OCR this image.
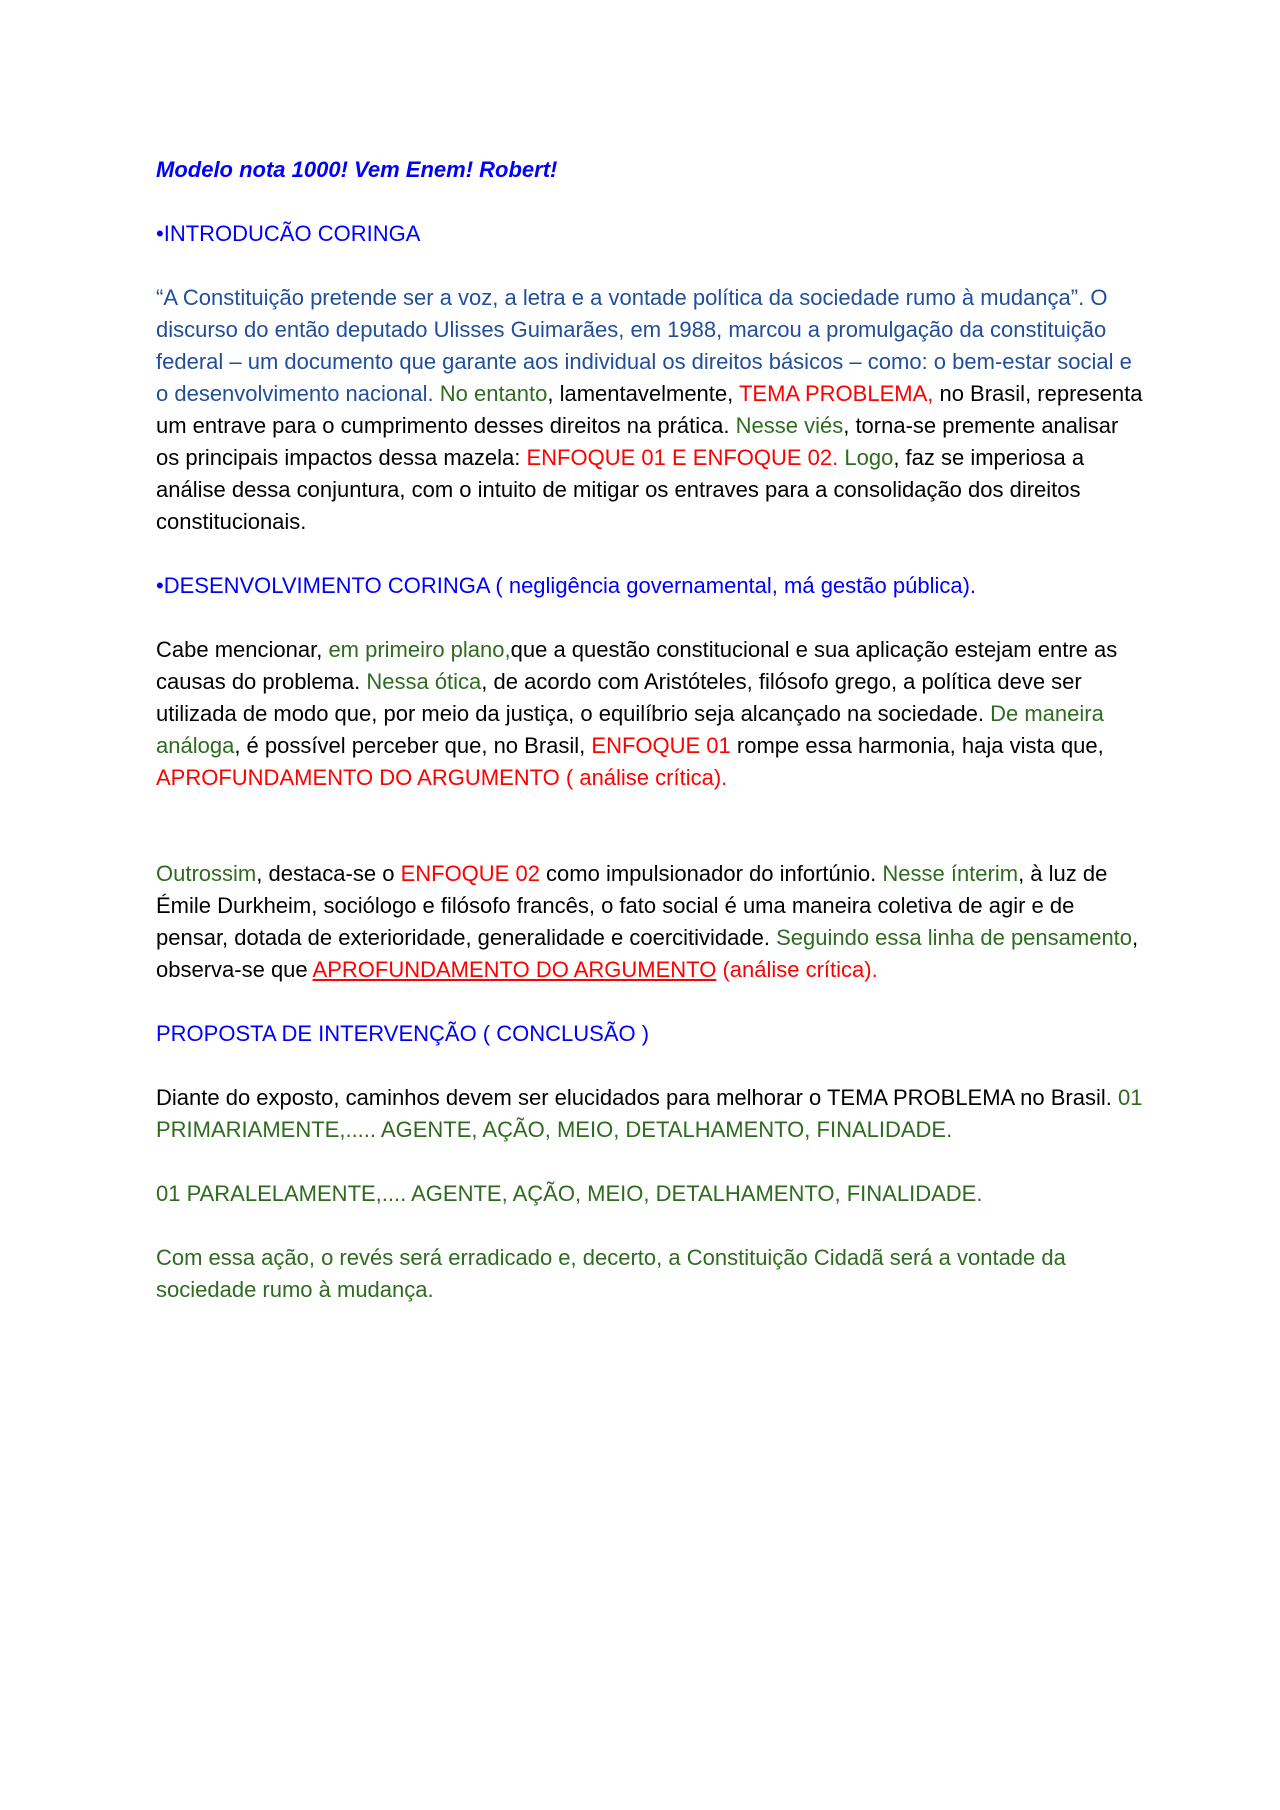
Modelo nota 1000! Vem Enem! Robert!

•INTRODUCÃO CORINGA

“A Constituição pretende ser a voz, a letra e a vontade política da sociedade rumo à mudança”. O discurso do então deputado Ulisses Guimarães, em 1988, marcou a promulgação da constituição federal – um documento que garante aos individual os direitos básicos – como: o bem-estar social e o desenvolvimento nacional. No entanto, lamentavelmente, TEMA PROBLEMA, no Brasil, representa um entrave para o cumprimento desses direitos na prática. Nesse viés, torna-se premente analisar os principais impactos dessa mazela: ENFOQUE 01 E ENFOQUE 02. Logo, faz se imperiosa a análise dessa conjuntura, com o intuito de mitigar os entraves para a consolidação dos direitos constitucionais.

•DESENVOLVIMENTO CORINGA ( negligência governamental, má gestão pública).

Cabe mencionar, em primeiro plano,que a questão constitucional e sua aplicação estejam entre as causas do problema. Nessa ótica, de acordo com Aristóteles, filósofo grego, a política deve ser utilizada de modo que, por meio da justiça, o equilíbrio seja alcançado na sociedade. De maneira análoga, é possível perceber que, no Brasil, ENFOQUE 01 rompe essa harmonia, haja vista que, APROFUNDAMENTO DO ARGUMENTO ( análise crítica).

Outrossim, destaca-se o ENFOQUE 02 como impulsionador do infortúnio. Nesse ínterim, à luz de Émile Durkheim, sociólogo e filósofo francês, o fato social é uma maneira coletiva de agir e de pensar, dotada de exterioridade, generalidade e coercitividade. Seguindo essa linha de pensamento, observa-se que APROFUNDAMENTO DO ARGUMENTO (análise crítica).

PROPOSTA DE INTERVENÇÃO ( CONCLUSÃO )

Diante do exposto, caminhos devem ser elucidados para melhorar o TEMA PROBLEMA no Brasil. 01 PRIMARIAMENTE,..... AGENTE, AÇÃO, MEIO, DETALHAMENTO, FINALIDADE.

01 PARALELAMENTE,.... AGENTE, AÇÃO, MEIO, DETALHAMENTO, FINALIDADE.

Com essa ação, o revés será erradicado e, decerto, a Constituição Cidadã será a vontade da sociedade rumo à mudança.
